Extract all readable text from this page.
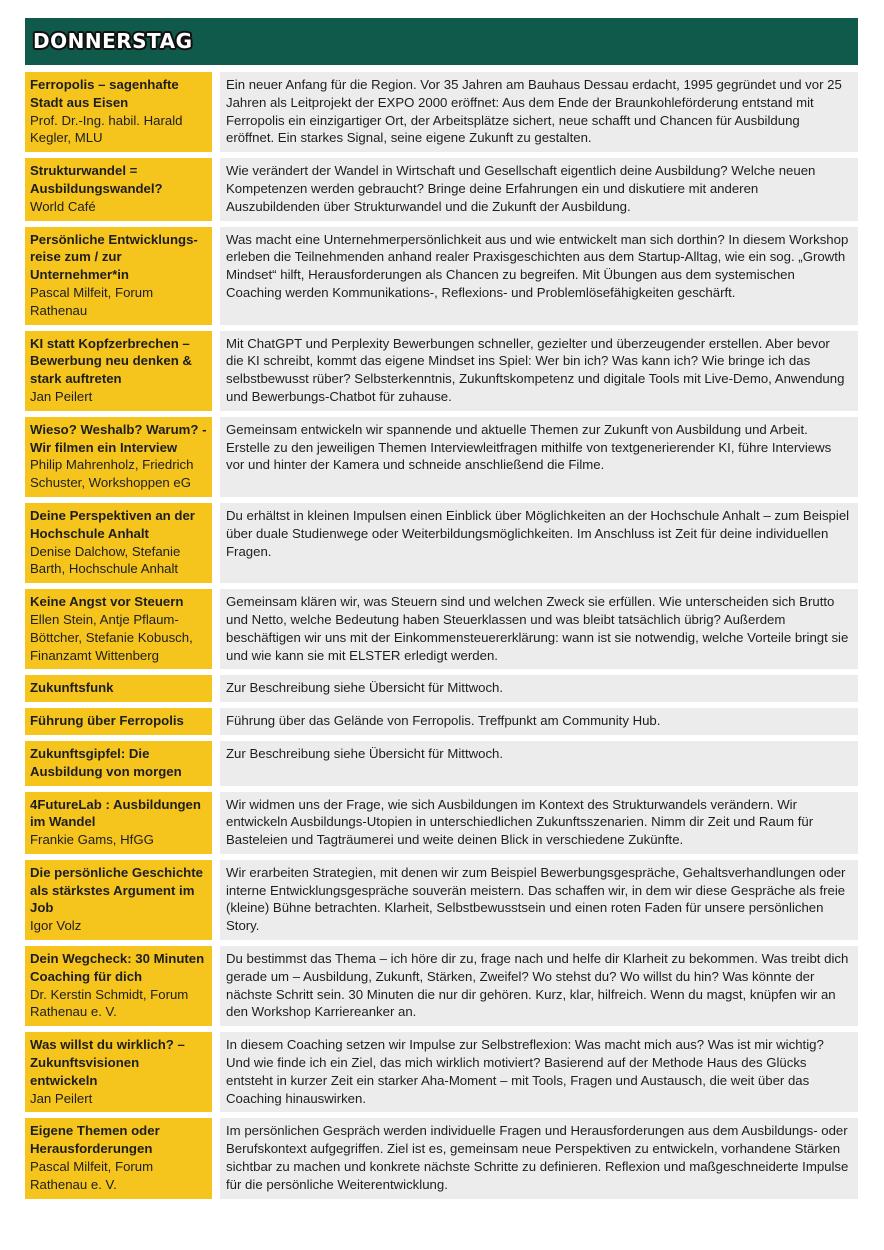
DONNERSTAG
Ferropolis – sagenhafte Stadt aus Eisen
Prof. Dr.-Ing. habil. Harald Kegler, MLU
Ein neuer Anfang für die Region. Vor 35 Jahren am Bauhaus Dessau erdacht, 1995 gegründet und vor 25 Jahren als Leitprojekt der EXPO 2000 eröffnet: Aus dem Ende der Braunkohleförderung entstand mit Ferropolis ein einzigartiger Ort, der Arbeitsplätze sichert, neue schafft und Chancen für Ausbildung eröffnet. Ein starkes Signal, seine eigene Zukunft zu gestalten.
Strukturwandel = Ausbildungswandel?
World Café
Wie verändert der Wandel in Wirtschaft und Gesellschaft eigentlich deine Ausbildung? Welche neuen Kompetenzen werden gebraucht? Bringe deine Erfahrungen ein und diskutiere mit anderen Auszubildenden über Strukturwandel und die Zukunft der Ausbildung.
Persönliche Entwicklungsreise zum / zur Unternehmer*in
Pascal Milfeit, Forum Rathenau
Was macht eine Unternehmerpersönlichkeit aus und wie entwickelt man sich dorthin? In diesem Workshop erleben die Teilnehmenden anhand realer Praxisgeschichten aus dem Startup-Alltag, wie ein sog. „Growth Mindset“ hilft, Herausforderungen als Chancen zu begreifen. Mit Übungen aus dem systemischen Coaching werden Kommunikations-, Reflexions- und Problemlösefähigkeiten geschärft.
KI statt Kopfzerbrechen – Bewerbung neu denken & stark auftreten
Jan Peilert
Mit ChatGPT und Perplexity Bewerbungen schneller, gezielter und überzeugender erstellen. Aber bevor die KI schreibt, kommt das eigene Mindset ins Spiel: Wer bin ich? Was kann ich? Wie bringe ich das selbstbewusst rüber? Selbsterkenntnis, Zukunftskompetenz und digitale Tools mit Live-Demo, Anwendung und Bewerbungs-Chatbot für zuhause.
Wieso? Weshalb? Warum? - Wir filmen ein Interview
Philip Mahrenholz, Friedrich Schuster, Workshoppen eG
Gemeinsam entwickeln wir spannende und aktuelle Themen zur Zukunft von Ausbildung und Arbeit. Erstelle zu den jeweiligen Themen Interviewleitfragen mithilfe von textgenerierender KI, führe Interviews vor und hinter der Kamera und schneide anschließend die Filme.
Deine Perspektiven an der Hochschule Anhalt
Denise Dalchow, Stefanie Barth, Hochschule Anhalt
Du erhältst in kleinen Impulsen einen Einblick über Möglichkeiten an der Hochschule Anhalt – zum Beispiel über duale Studienwege oder Weiterbildungsmöglichkeiten. Im Anschluss ist Zeit für deine individuellen Fragen.
Keine Angst vor Steuern
Ellen Stein, Antje Pflaum-Böttcher, Stefanie Kobusch, Finanzamt Wittenberg
Gemeinsam klären wir, was Steuern sind und welchen Zweck sie erfüllen. Wie unterscheiden sich Brutto und Netto, welche Bedeutung haben Steuerklassen und was bleibt tatsächlich übrig? Außerdem beschäftigen wir uns mit der Einkommensteuererklärung: wann ist sie notwendig, welche Vorteile bringt sie und wie kann sie mit ELSTER erledigt werden.
Zukunftsfunk	Zur Beschreibung siehe Übersicht für Mittwoch.
Führung über Ferropolis	Führung über das Gelände von Ferropolis. Treffpunkt am Community Hub.
Zukunftsgipfel: Die Ausbildung von morgen
Zur Beschreibung siehe Übersicht für Mittwoch.
4FutureLab : Ausbildungen im Wandel
Frankie Gams, HfGG
Wir widmen uns der Frage, wie sich Ausbildungen im Kontext des Strukturwandels verändern. Wir entwickeln Ausbildungs-Utopien in unterschiedlichen Zukunftsszenarien. Nimm dir Zeit und Raum für Basteleien und Tagträumerei und weite deinen Blick in verschiedene Zukünfte.
Die persönliche Geschichte als stärkstes Argument im Job
Igor Volz
Wir erarbeiten Strategien, mit denen wir zum Beispiel Bewerbungsgespräche, Gehaltsverhandlungen oder interne Entwicklungsgespräche souverän meistern. Das schaffen wir, in dem wir diese Gespräche als freie (kleine) Bühne betrachten. Klarheit, Selbstbewusstsein und einen roten Faden für unsere persönlichen Story.
Dein Wegcheck: 30 Minuten Coaching für dich
Dr. Kerstin Schmidt, Forum Rathenau e. V.
Du bestimmst das Thema – ich höre dir zu, frage nach und helfe dir Klarheit zu bekommen. Was treibt dich gerade um – Ausbildung, Zukunft, Stärken, Zweifel? Wo stehst du? Wo willst du hin? Was könnte der nächste Schritt sein. 30 Minuten die nur dir gehören. Kurz, klar, hilfreich. Wenn du magst, knüpfen wir an den Workshop Karriereanker an.
Was willst du wirklich? – Zukunftsvisionen entwickeln
Jan Peilert
In diesem Coaching setzen wir Impulse zur Selbstreflexion: Was macht mich aus? Was ist mir wichtig? Und wie finde ich ein Ziel, das mich wirklich motiviert? Basierend auf der Methode Haus des Glücks entsteht in kurzer Zeit ein starker Aha-Moment – mit Tools, Fragen und Austausch, die weit über das Coaching hinauswirken.
Eigene Themen oder Herausforderungen
Pascal Milfeit, Forum Rathenau e. V.
Im persönlichen Gespräch werden individuelle Fragen und Herausforderungen aus dem Ausbildungs- oder Berufskontext aufgegriffen. Ziel ist es, gemeinsam neue Perspektiven zu entwickeln, vorhandene Stärken sichtbar zu machen und konkrete nächste Schritte zu definieren. Reflexion und maßgeschneiderte Impulse für die persönliche Weiterentwicklung.
